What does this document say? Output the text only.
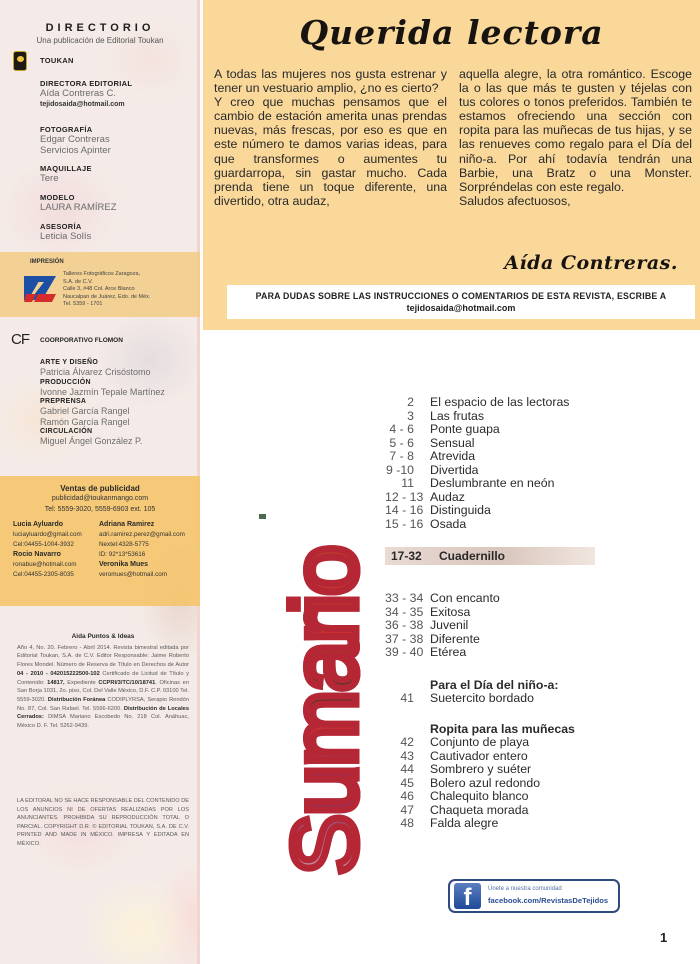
DIRECTORIO
Una publicación de Editorial Toukan
TOUKAN
DIRECTORA EDITORIAL
Aída Contreras C.
tejidosaida@hotmail.com
FOTOGRAFÍA
Edgar Contreras
Servicios Apinter
MAQUILLAJE
Tere
MODELO
LAURA RAMÍREZ
ASESORÍA
Leticia Solís
IMPRESIÓN
Talleres Fotográficos Zaragoza,
S.A. de C.V.
Calle 3, #48 Col. Arce Blanco
Naucalpan de Juárez, Edo. de Méx.
Tel. 5359 - 1701
CF COORPORATIVO FLOMON
ARTE Y DISEÑO
Patricia Álvarez Crisóstomo
PRODUCCIÓN
Ivonne Jazmín Tepale Martínez
PREPRENSA
Gabriel García Rangel
Ramón García Rangel
CIRCULACIÓN
Miguel Ángel González P.
Ventas de publicidad
publicidad@toukanmango.com
Tel: 5559-3020, 5559-6903 ext. 105
Lucia Ayluardo
luciayluardo@gmail.com
Cel:04455-1004-3932
Rocio Navarro
ronabue@hotmail.com
Cel:04455-2305-8035
Adriana Ramirez
adri.ramirez.perez@gmail.com
Nextel:4328-5775
ID: 92*13*53616
Veronika Mues
veromues@hotmail.com
Aida Puntos & Ideas
Año 4, No. 20. Febrero - Abril 2014. Revista bimestral editada por Editorial Toukan, S.A. de C.V. Editor Responsable: Jaime Roberto Flores Mondel. Número de Reserva de Título en Derechos de Autor 04 - 2010 - 042015222500-102 Certificado de Licitud de Título y Contenido: 14817, Expediente CCPRI/3/TC/10/18741. Oficinas en San Borja 1031, 2o. piso, Col. Del Valle México, D.F. C.P. 03100 Tel. 5559-3020. Distribución Foránea CODIPLYRSA, Serapio Rendón No. 87, Col. San Rafael. Tel. 5566-6200. Distribución de Locales Cerrados: DIMSA Mariano Escobedo No. 218 Col. Anáhuac, México D. F. Tel. 5262-9439.
LA EDITORAL NO SE HACE RESPONSABLE DEL CONTENIDO DE LOS ANUNCIOS NI DE OFERTAS REALIZADAS POR LOS ANUNCIANTES. PROHIBIDA SU REPRODUCCIÓN TOTAL O PARCIAL. COPYRIGHT D.R. © EDITORIAL TOUKAN, S.A. DE C.V. PRINTED AND MADE IN MÉXICO. IMPRESA Y EDITADA EN MÉXICO.
Querida lectora

A todas las mujeres nos gusta estrenar y tener un vestuario amplio, ¿no es cierto?

Y creo que muchas pensamos que el cambio de estación amerita unas prendas nuevas, más frescas, por eso es que en este número te damos varias ideas, para que transformes o aumentes tu guardarropa, sin gastar mucho. Cada prenda tiene un toque diferente, una divertido, otra audaz,

aquella alegre, la otra romántico. Escoge la o las que más te gusten y téjelas con tus colores o tonos preferidos. También te estamos ofreciendo una sección con ropita para las muñecas de tus hijas, y se las renueves como regalo para el Día del niño-a. Por ahí todavía tendrán una Barbie, una Bratz o una Monster. Sorpréndelas con este regalo.

Saludos afectuosos,

Aída Contreras.
PARA DUDAS SOBRE LAS INSTRUCCIONES O COMENTARIOS DE ESTA REVISTA, ESCRIBE A
tejidosaida@hotmail.com
Sumario
2	El espacio de las lectoras
3	Las frutas
4 - 6	Ponte guapa
5 - 6	Sensual
7 - 8	Atrevida
9 -10	Divertida
11	Deslumbrante en neón
12 - 13 Audaz
14 - 16 Distinguida
15 - 16 Osada
17-32	Cuadernillo
33 - 34 Con encanto
34 - 35 Exitosa
36 - 38 Juvenil
37 - 38 Diferente
39 - 40 Etérea
Para el Día del niño-a:
41	Suetercito bordado
Ropita para las muñecas
42	Conjunto de playa
43	Cautivador entero
44	Sombrero y suéter
45	Bolero azul redondo
46	Chalequito blanco
47	Chaqueta morada
48	Falda alegre
f	Únete a nuestra comunidad
facebook.com/RevistasDeTejidos
1
